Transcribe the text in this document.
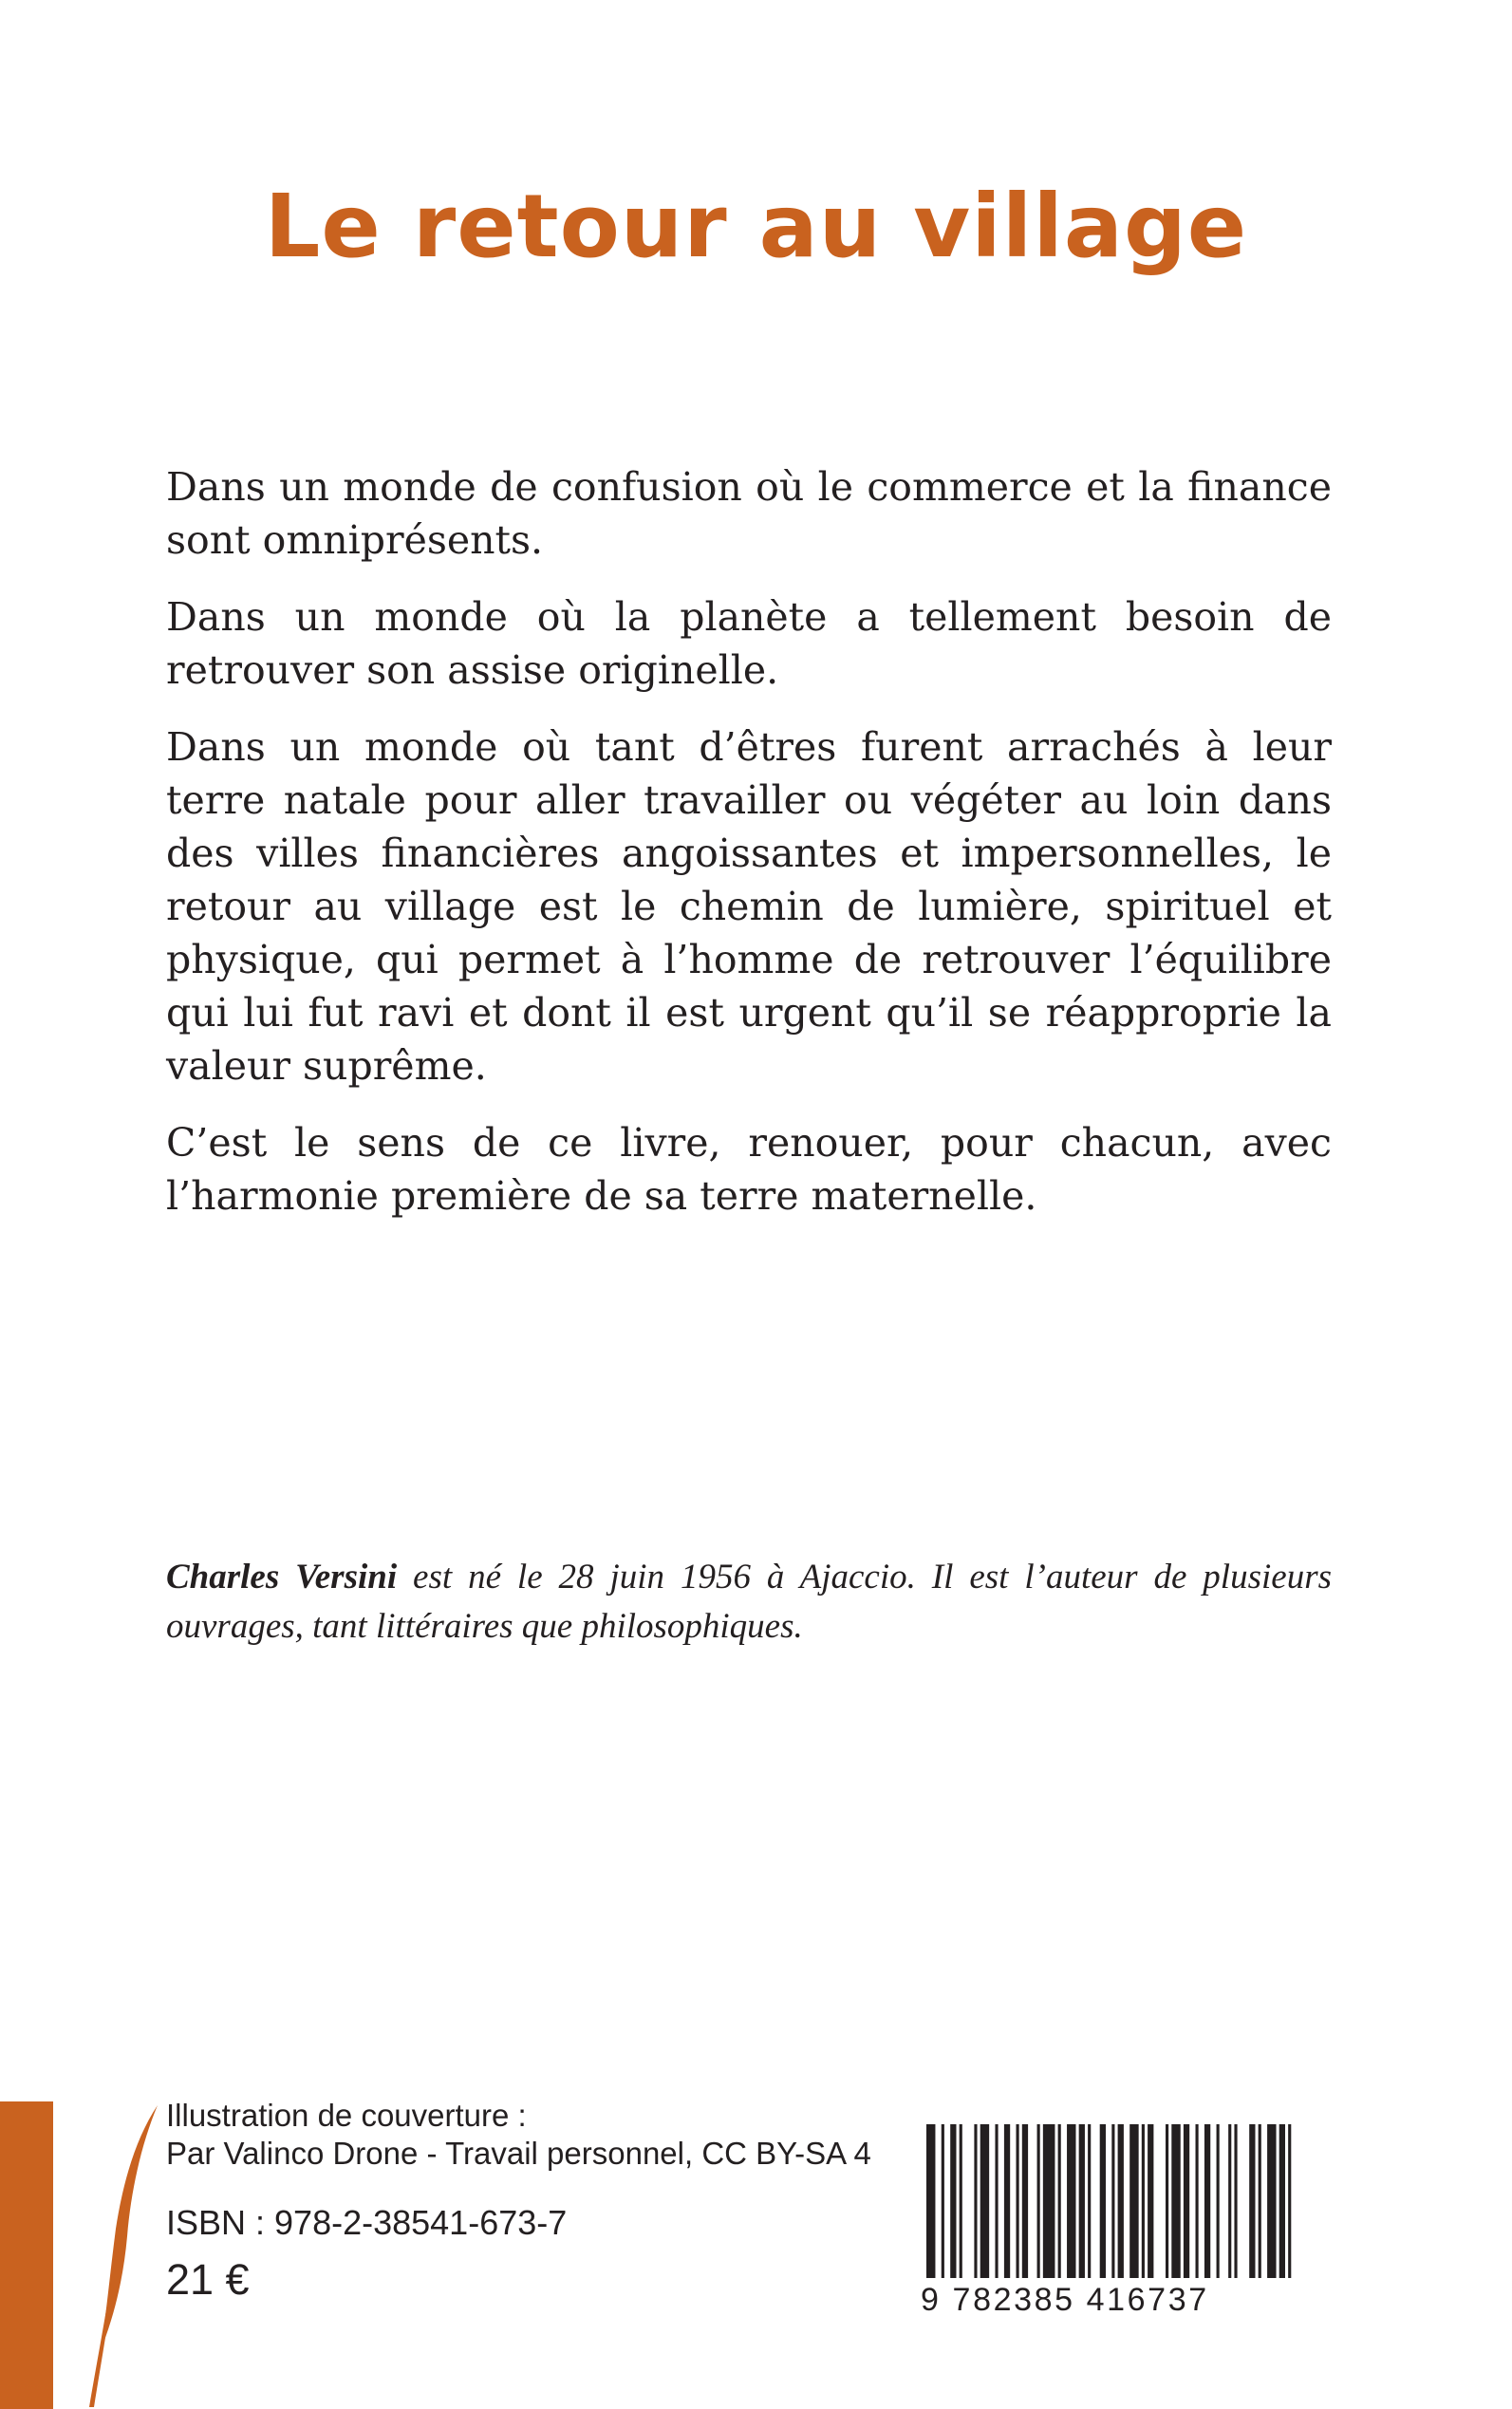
Le retour au village

Dans un monde de confusion où le commerce et la finance sont omniprésents.

Dans un monde où la planète a tellement besoin de retrouver son assise originelle.

Dans un monde où tant d’êtres furent arrachés à leur terre natale pour aller travailler ou végéter au loin dans des villes financières angoissantes et impersonnelles, le retour au village est le chemin de lumière, spirituel et physique, qui permet à l’homme de retrouver l’équilibre qui lui fut ravi et dont il est urgent qu’il se réapproprie la valeur suprême.

C’est le sens de ce livre, renouer, pour chacun, avec l’harmonie première de sa terre maternelle.

Charles Versini est né le 28 juin 1956 à Ajaccio. Il est l’auteur de plusieurs ouvrages, tant littéraires que philosophiques.
Illustration de couverture :
Par Valinco Drone - Travail personnel, CC BY-SA 4
ISBN : 978-2-38541-673-7
21 €	9 782385 416737
